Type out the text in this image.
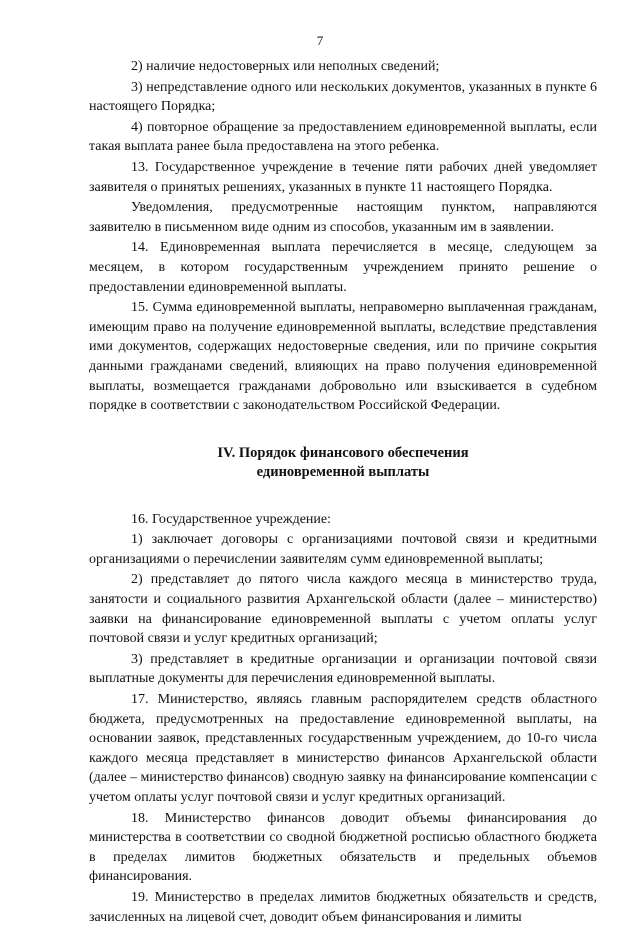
7

2) наличие недостоверных или неполных сведений;

3) непредставление одного или нескольких документов, указанных в пункте 6 настоящего Порядка;

4) повторное обращение за предоставлением единовременной выплаты, если такая выплата ранее была предоставлена на этого ребенка.

13. Государственное учреждение в течение пяти рабочих дней уведомляет заявителя о принятых решениях, указанных в пункте 11 настоящего Порядка.

Уведомления, предусмотренные настоящим пунктом, направляются заявителю в письменном виде одним из способов, указанным им в заявлении.

14. Единовременная выплата перечисляется в месяце, следующем за месяцем, в котором государственным учреждением принято решение о предоставлении единовременной выплаты.

15. Сумма единовременной выплаты, неправомерно выплаченная гражданам, имеющим право на получение единовременной выплаты, вследствие представления ими документов, содержащих недостоверные сведения, или по причине сокрытия данными гражданами сведений, влияющих на право получения единовременной выплаты, возмещается гражданами добровольно или взыскивается в судебном порядке в соответствии с законодательством Российской Федерации.

IV. Порядок финансового обеспечения
единовременной выплаты

16. Государственное учреждение:

1) заключает договоры с организациями почтовой связи и кредитными организациями о перечислении заявителям сумм единовременной выплаты;

2) представляет до пятого числа каждого месяца в министерство труда, занятости и социального развития Архангельской области (далее – министерство) заявки на финансирование единовременной выплаты с учетом оплаты услуг почтовой связи и услуг кредитных организаций;

3) представляет в кредитные организации и организации почтовой связи выплатные документы для перечисления единовременной выплаты.

17. Министерство, являясь главным распорядителем средств областного бюджета, предусмотренных на предоставление единовременной выплаты, на основании заявок, представленных государственным учреждением, до 10-го числа каждого месяца представляет в министерство финансов Архангельской области (далее – министерство финансов) сводную заявку на финансирование компенсации с учетом оплаты услуг почтовой связи и услуг кредитных организаций.

18. Министерство финансов доводит объемы финансирования до министерства в соответствии со сводной бюджетной росписью областного бюджета в пределах лимитов бюджетных обязательств и предельных объемов финансирования.

19. Министерство в пределах лимитов бюджетных обязательств и средств, зачисленных на лицевой счет, доводит объем финансирования и лимиты
